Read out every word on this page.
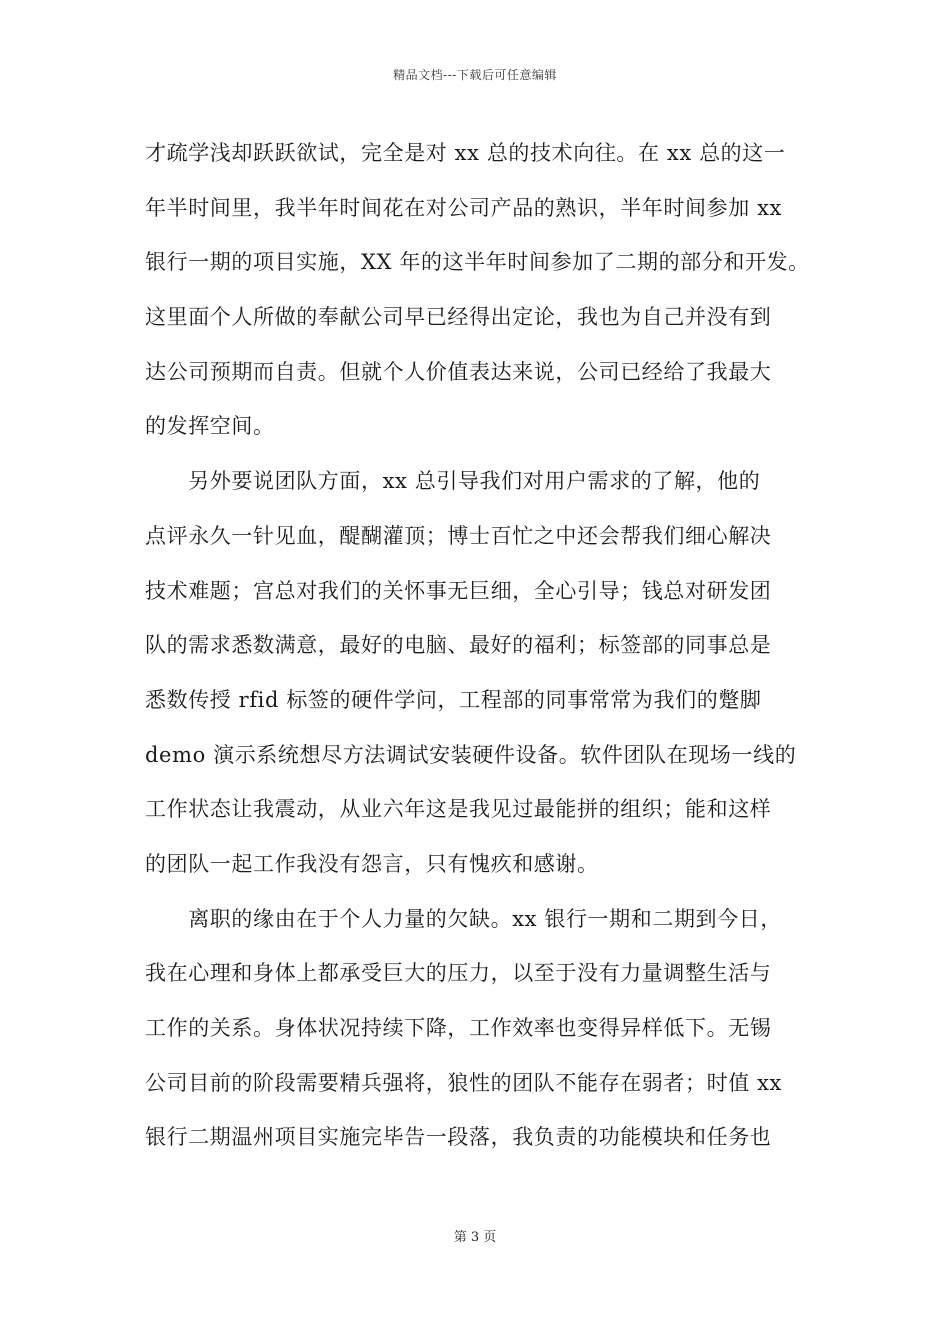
精品文档---下载后可任意编辑
才疏学浅却跃跃欲试，完全是对 xx 总的技术向往。在 xx 总的这一
年半时间里，我半年时间花在对公司产品的熟识，半年时间参加 xx
银行一期的项目实施，XX 年的这半年时间参加了二期的部分和开发。
这里面个人所做的奉献公司早已经得出定论，我也为自己并没有到
达公司预期而自责。但就个人价值表达来说，公司已经给了我最大
的发挥空间。
　　另外要说团队方面，xx 总引导我们对用户需求的了解，他的
点评永久一针见血，醍醐灌顶；博士百忙之中还会帮我们细心解决
技术难题；宫总对我们的关怀事无巨细，全心引导；钱总对研发团
队的需求悉数满意，最好的电脑、最好的福利；标签部的同事总是
悉数传授 rfid 标签的硬件学问，工程部的同事常常为我们的蹩脚
demo 演示系统想尽方法调试安装硬件设备。软件团队在现场一线的
工作状态让我震动，从业六年这是我见过最能拼的组织；能和这样
的团队一起工作我没有怨言，只有愧疚和感谢。
　　离职的缘由在于个人力量的欠缺。xx 银行一期和二期到今日，
我在心理和身体上都承受巨大的压力，以至于没有力量调整生活与
工作的关系。身体状况持续下降，工作效率也变得异样低下。无锡
公司目前的阶段需要精兵强将，狼性的团队不能存在弱者；时值 xx
银行二期温州项目实施完毕告一段落，我负责的功能模块和任务也
第 3 页
